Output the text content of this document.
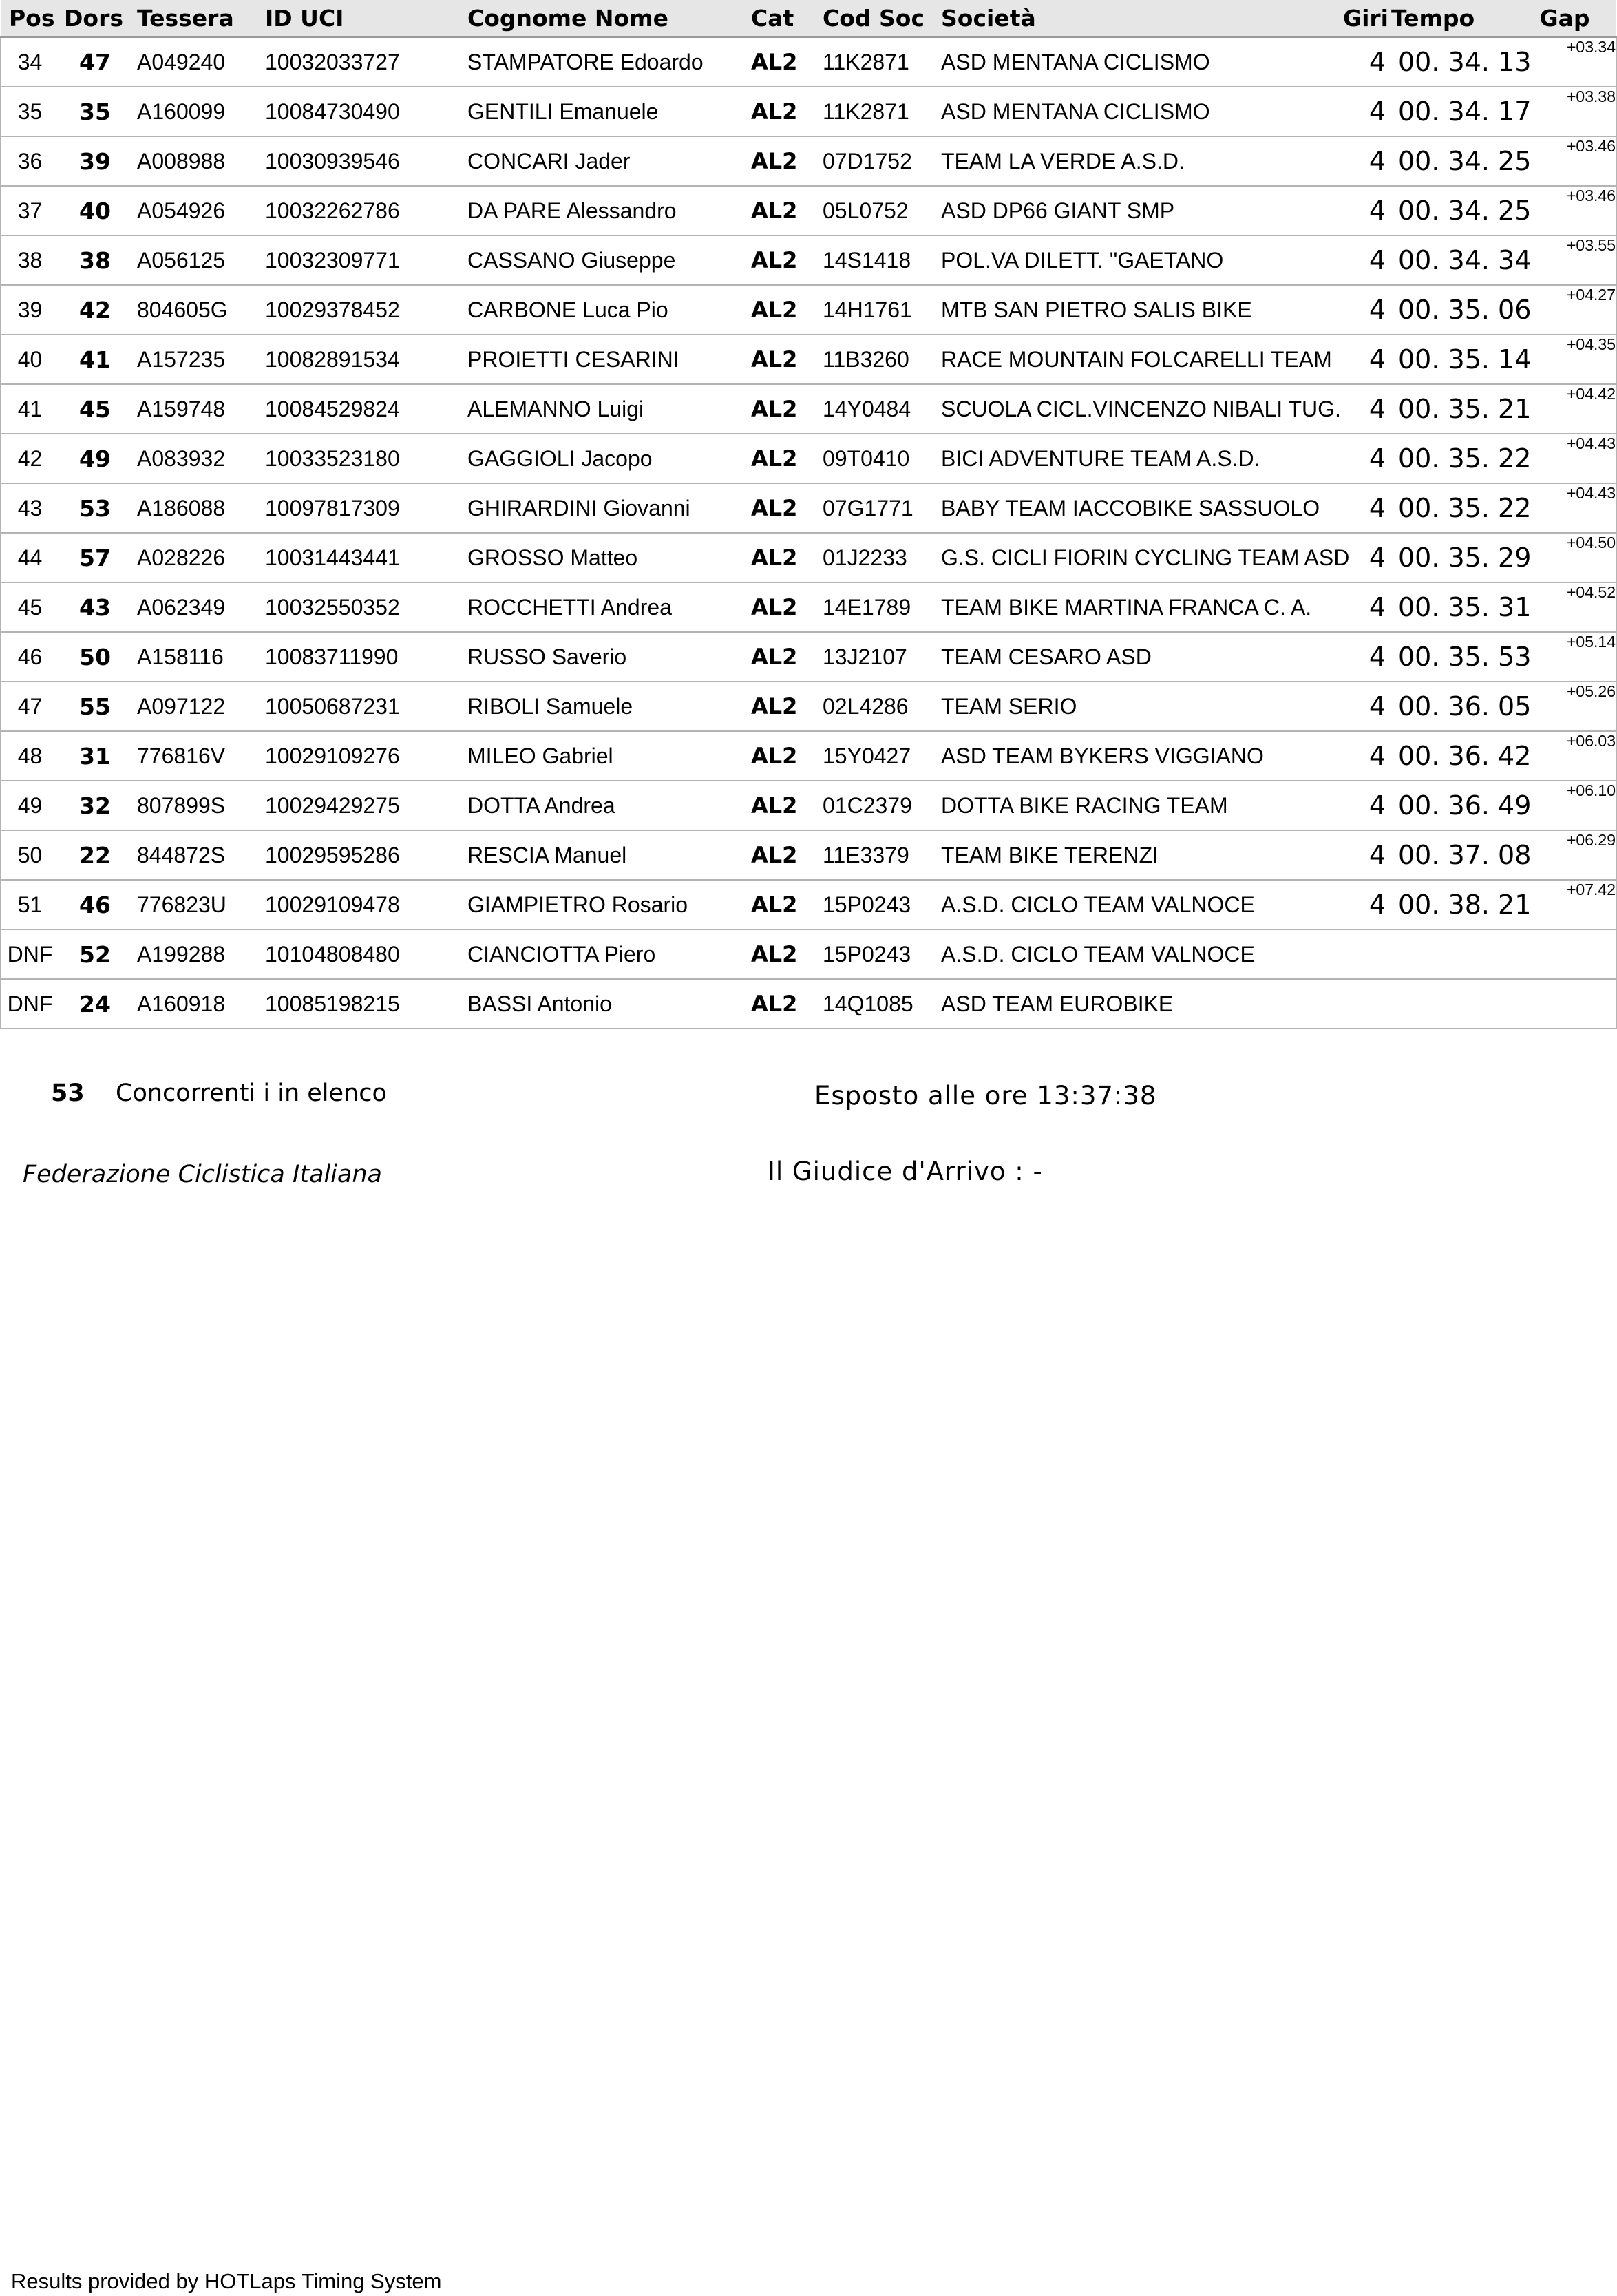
Pos	Dors	Tessera	ID UCI	Cognome Nome	Cat	Cod Soc	Società	Giri	Tempo	Gap
34	47	A049240	10032033727	STAMPATORE Edoardo	AL2	11K2871	ASD MENTANA CICLISMO	4	00. 34. 13	+03.34
35	35	A160099	10084730490	GENTILI Emanuele	AL2	11K2871	ASD MENTANA CICLISMO	4	00. 34. 17	+03.38
36	39	A008988	10030939546	CONCARI Jader	AL2	07D1752	TEAM LA VERDE A.S.D.	4	00. 34. 25	+03.46
37	40	A054926	10032262786	DA PARE Alessandro	AL2	05L0752	ASD DP66 GIANT SMP	4	00. 34. 25	+03.46
38	38	A056125	10032309771	CASSANO Giuseppe	AL2	14S1418	POL.VA DILETT. "GAETANO	4	00. 34. 34	+03.55
39	42	804605G	10029378452	CARBONE Luca Pio	AL2	14H1761	MTB SAN PIETRO SALIS BIKE	4	00. 35. 06	+04.27
40	41	A157235	10082891534	PROIETTI CESARINI	AL2	11B3260	RACE MOUNTAIN FOLCARELLI TEAM	4	00. 35. 14	+04.35
41	45	A159748	10084529824	ALEMANNO Luigi	AL2	14Y0484	SCUOLA CICL.VINCENZO NIBALI TUG.	4	00. 35. 21	+04.42
42	49	A083932	10033523180	GAGGIOLI Jacopo	AL2	09T0410	BICI ADVENTURE TEAM A.S.D.	4	00. 35. 22	+04.43
43	53	A186088	10097817309	GHIRARDINI Giovanni	AL2	07G1771	BABY TEAM IACCOBIKE SASSUOLO	4	00. 35. 22	+04.43
44	57	A028226	10031443441	GROSSO Matteo	AL2	01J2233	G.S. CICLI FIORIN CYCLING TEAM ASD	4	00. 35. 29	+04.50
45	43	A062349	10032550352	ROCCHETTI Andrea	AL2	14E1789	TEAM BIKE MARTINA FRANCA C. A.	4	00. 35. 31	+04.52
46	50	A158116	10083711990	RUSSO Saverio	AL2	13J2107	TEAM CESARO ASD	4	00. 35. 53	+05.14
47	55	A097122	10050687231	RIBOLI Samuele	AL2	02L4286	TEAM SERIO	4	00. 36. 05	+05.26
48	31	776816V	10029109276	MILEO Gabriel	AL2	15Y0427	ASD TEAM BYKERS VIGGIANO	4	00. 36. 42	+06.03
49	32	807899S	10029429275	DOTTA Andrea	AL2	01C2379	DOTTA BIKE RACING TEAM	4	00. 36. 49	+06.10
50	22	844872S	10029595286	RESCIA Manuel	AL2	11E3379	TEAM BIKE TERENZI	4	00. 37. 08	+06.29
51	46	776823U	10029109478	GIAMPIETRO Rosario	AL2	15P0243	A.S.D. CICLO TEAM VALNOCE	4	00. 38. 21	+07.42
DNF	52	A199288	10104808480	CIANCIOTTA Piero	AL2	15P0243	A.S.D. CICLO TEAM VALNOCE			
DNF	24	A160918	10085198215	BASSI Antonio	AL2	14Q1085	ASD TEAM EUROBIKE			
53 Concorrenti i in elenco	Esposto alle ore 13:37:38
Federazione Ciclistica Italiana	Il Giudice d'Arrivo : -
Results provided by HOTLaps Timing System
